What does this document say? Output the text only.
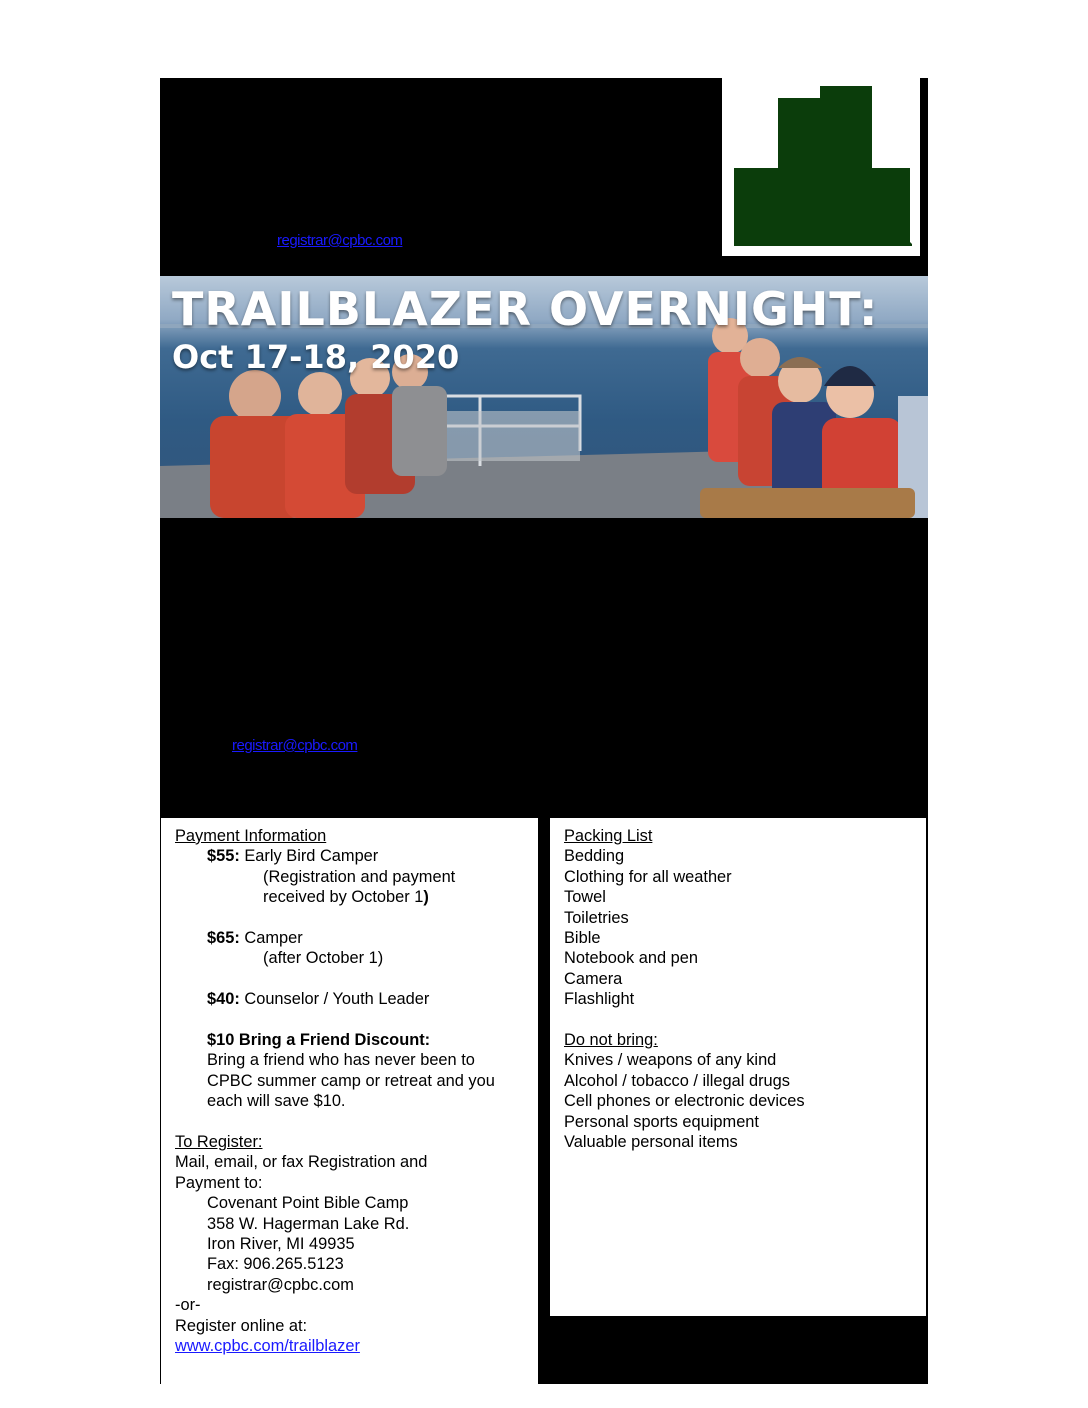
registrar@cpbc.com
TRAILBLAZER OVERNIGHT:
Oct 17-18, 2020
registrar@cpbc.com
Payment Information
$55: Early Bird Camper
(Registration and payment
received by October 1)
$65: Camper
(after October 1)
$40: Counselor / Youth Leader
$10 Bring a Friend Discount:
Bring a friend who has never been to
CPBC summer camp or retreat and you
each will save $10.
To Register:
Mail, email, or fax Registration and
Payment to:
Covenant Point Bible Camp
358 W. Hagerman Lake Rd.
Iron River, MI 49935
Fax: 906.265.5123
registrar@cpbc.com
-or-
Register online at:
www.cpbc.com/trailblazer
Packing List
Bedding
Clothing for all weather
Towel
Toiletries
Bible
Notebook and pen
Camera
Flashlight
Do not bring:
Knives / weapons of any kind
Alcohol / tobacco / illegal drugs
Cell phones or electronic devices
Personal sports equipment
Valuable personal items
